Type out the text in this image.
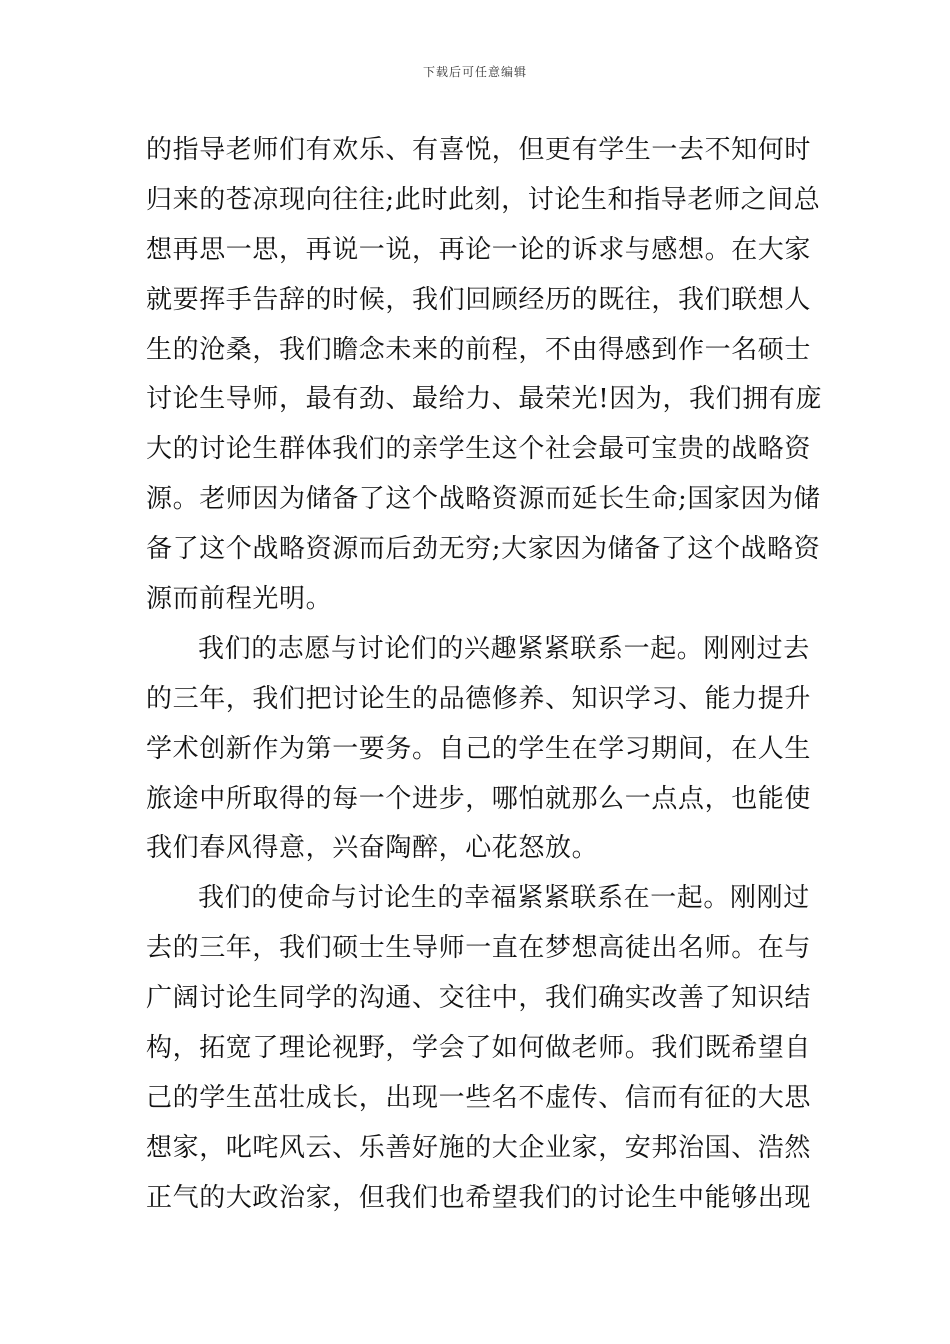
下载后可任意编辑
的指导老师们有欢乐、有喜悦，但更有学生一去不知何时
归来的苍凉现向往往;此时此刻，讨论生和指导老师之间总
想再思一思，再说一说，再论一论的诉求与感想。在大家
就要挥手告辞的时候，我们回顾经历的既往，我们联想人
生的沧桑，我们瞻念未来的前程，不由得感到作一名硕士
讨论生导师，最有劲、最给力、最荣光!因为，我们拥有庞
大的讨论生群体我们的亲学生这个社会最可宝贵的战略资
源。老师因为储备了这个战略资源而延长生命;国家因为储
备了这个战略资源而后劲无穷;大家因为储备了这个战略资
源而前程光明。
我们的志愿与讨论们的兴趣紧紧联系一起。刚刚过去
的三年，我们把讨论生的品德修养、知识学习、能力提升
学术创新作为第一要务。自己的学生在学习期间，在人生
旅途中所取得的每一个进步，哪怕就那么一点点，也能使
我们春风得意，兴奋陶醉，心花怒放。
我们的使命与讨论生的幸福紧紧联系在一起。刚刚过
去的三年，我们硕士生导师一直在梦想高徒出名师。在与
广阔讨论生同学的沟通、交往中，我们确实改善了知识结
构，拓宽了理论视野，学会了如何做老师。我们既希望自
己的学生茁壮成长，出现一些名不虚传、信而有征的大思
想家，叱咤风云、乐善好施的大企业家，安邦治国、浩然
正气的大政治家，但我们也希望我们的讨论生中能够出现
